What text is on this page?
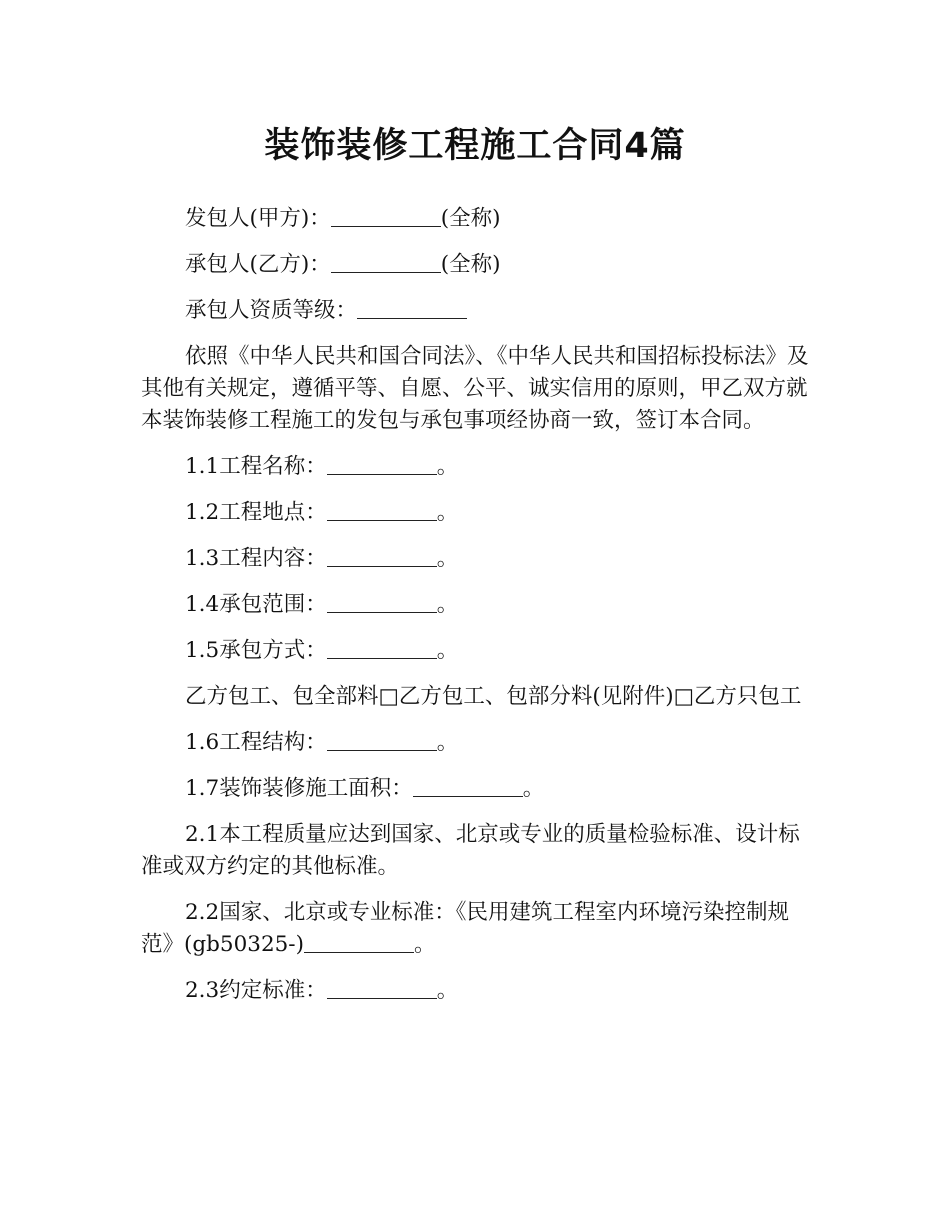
装饰装修工程施工合同4篇

发包人(甲方)：	(全称)

承包人(乙方)：	(全称)

承包人资质等级：

依照《中华人民共和国合同法》、《中华人民共和国招标投标法》及其他有关规定，遵循平等、自愿、公平、诚实信用的原则，甲乙双方就本装饰装修工程施工的发包与承包事项经协商一致，签订本合同。

1.1工程名称：	。

1.2工程地点：	。

1.3工程内容：	。

1.4承包范围：	。

1.5承包方式：	。

乙方包工、包全部料□乙方包工、包部分料(见附件)□乙方只包工

1.6工程结构：	。

1.7装饰装修施工面积：	。

2.1本工程质量应达到国家、北京或专业的质量检验标准、设计标准或双方约定的其他标准。

2.2国家、北京或专业标准：《民用建筑工程室内环境污染控制规范》(gb50325-)	。

2.3约定标准：	。
